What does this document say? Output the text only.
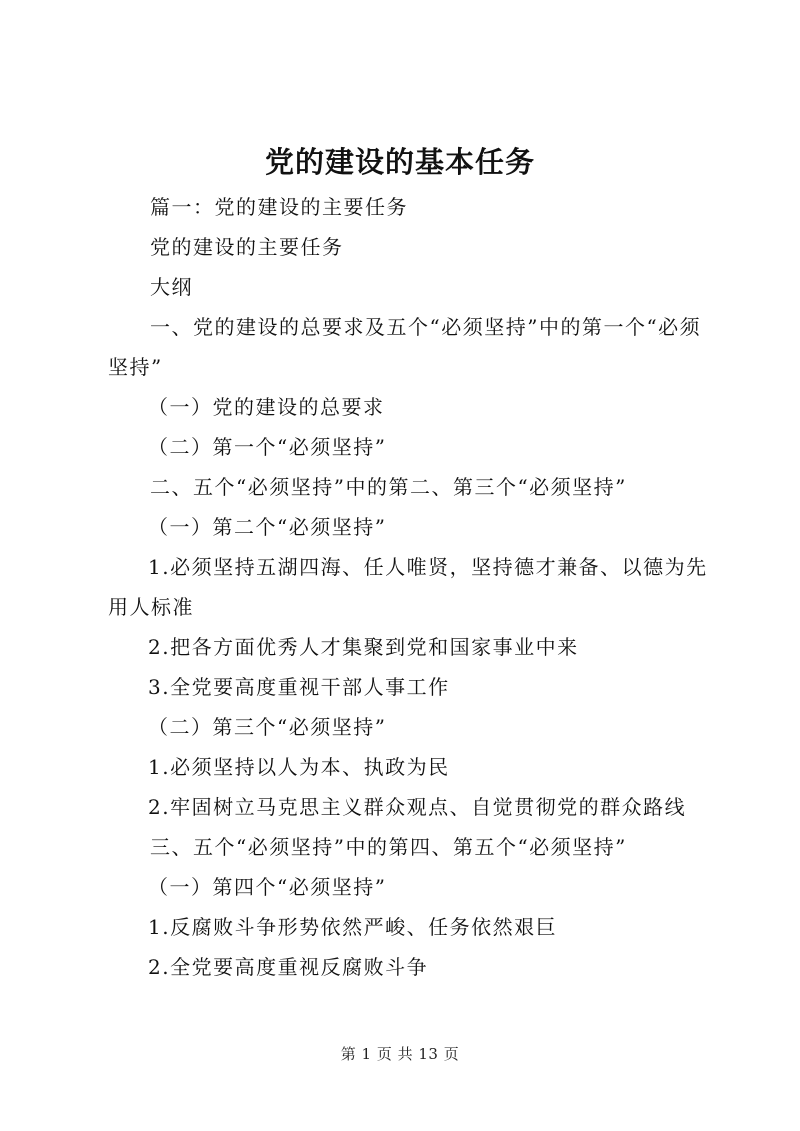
党的建设的基本任务

篇一：党的建设的主要任务

党的建设的主要任务

大纲

一、党的建设的总要求及五个“必须坚持”中的第一个“必须坚持”

（一）党的建设的总要求

（二）第一个“必须坚持”

二、五个“必须坚持”中的第二、第三个“必须坚持”

（一）第二个“必须坚持”

1.必须坚持五湖四海、任人唯贤，坚持德才兼备、以德为先用人标准

2.把各方面优秀人才集聚到党和国家事业中来

3.全党要高度重视干部人事工作

（二）第三个“必须坚持”

1.必须坚持以人为本、执政为民

2.牢固树立马克思主义群众观点、自觉贯彻党的群众路线

三、五个“必须坚持”中的第四、第五个“必须坚持”

（一）第四个“必须坚持”

1.反腐败斗争形势依然严峻、任务依然艰巨

2.全党要高度重视反腐败斗争

第 1 页 共 13 页
